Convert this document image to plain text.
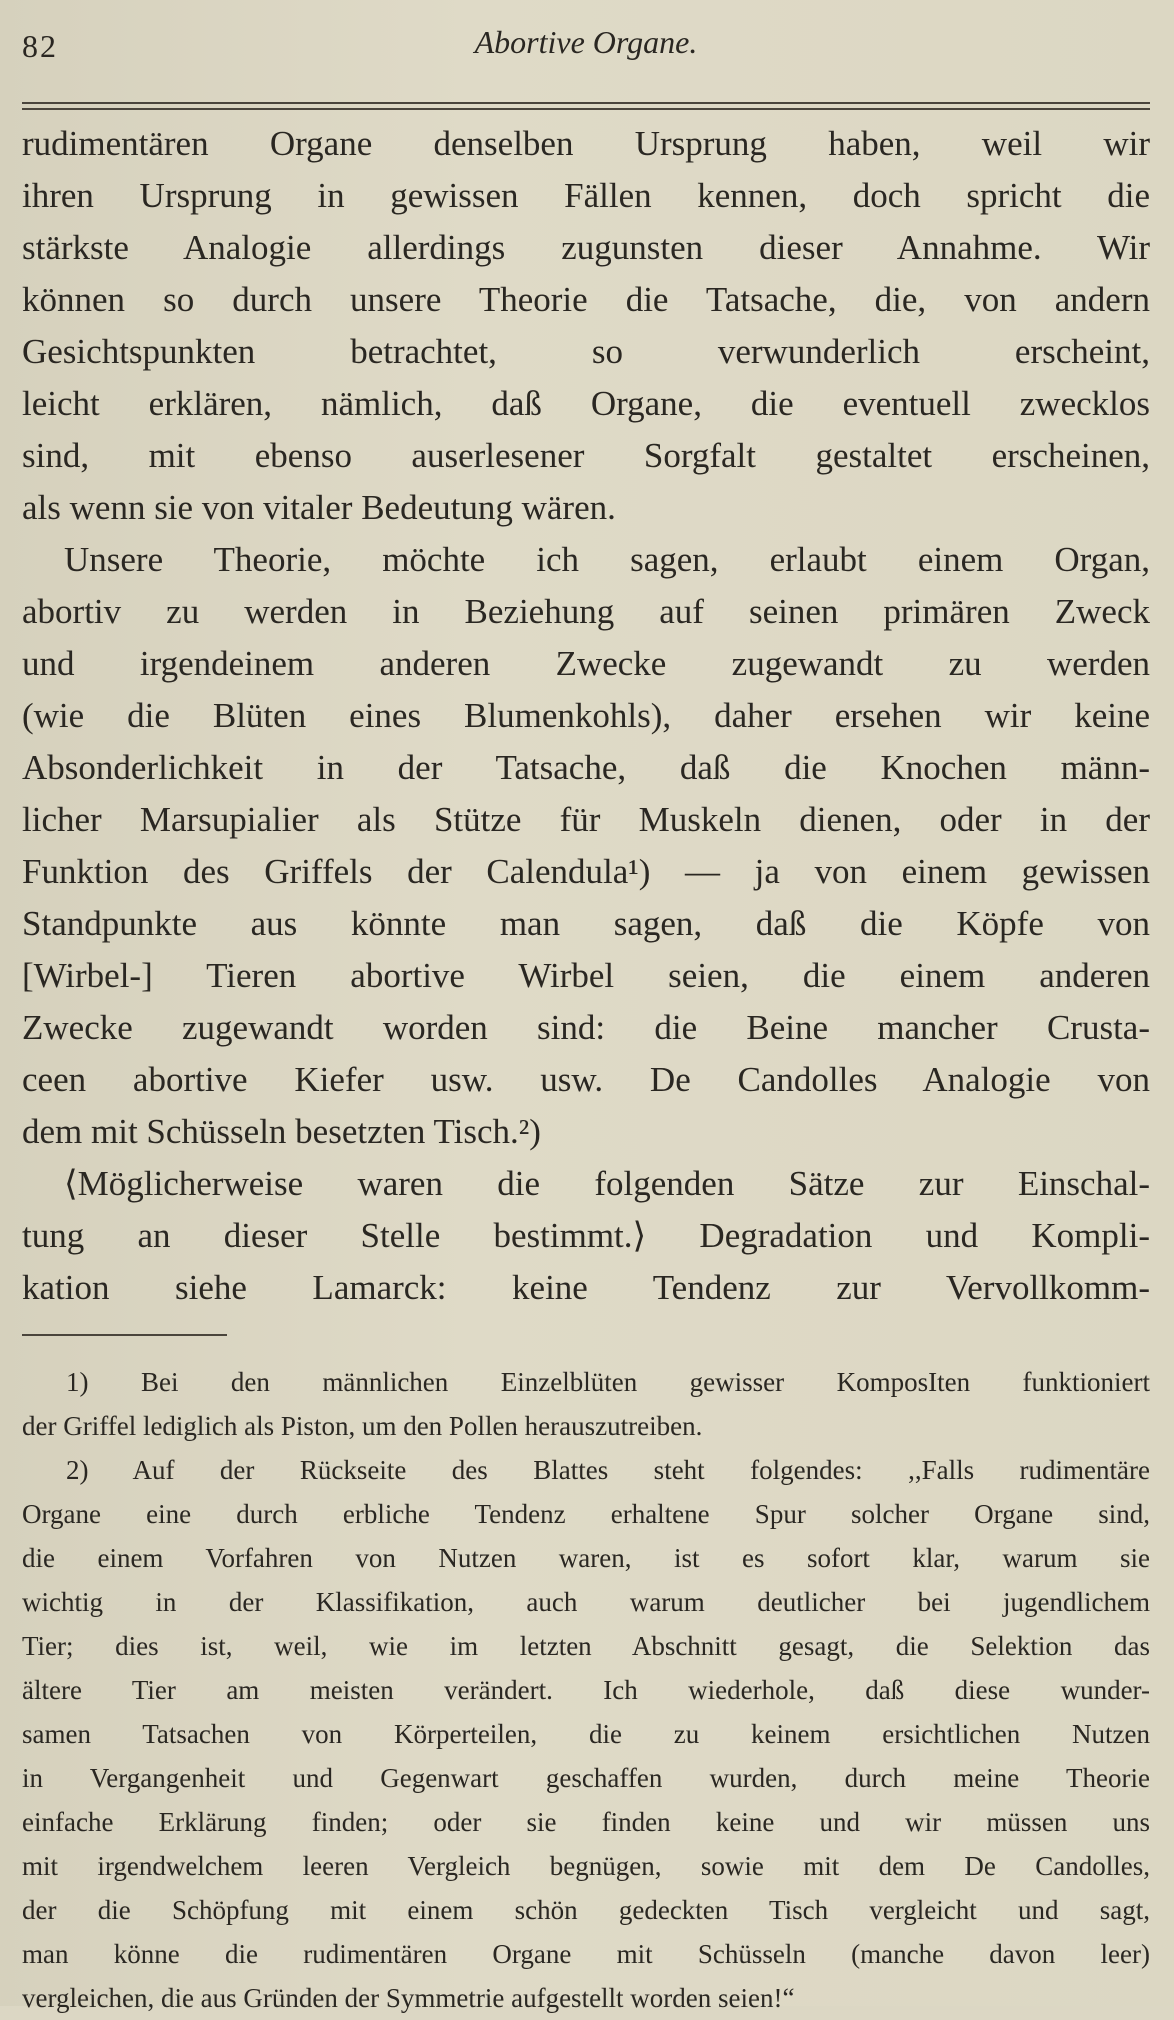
82	Abortive Organe.
rudimentären Organe denselben Ursprung haben, weil wir
ihren Ursprung in gewissen Fällen kennen, doch spricht die
stärkste Analogie allerdings zugunsten dieser Annahme. Wir
können so durch unsere Theorie die Tatsache, die, von andern
Gesichtspunkten betrachtet, so verwunderlich erscheint,
leicht erklären, nämlich, daß Organe, die eventuell zwecklos
sind, mit ebenso auserlesener Sorgfalt gestaltet erscheinen,
als wenn sie von vitaler Bedeutung wären.
Unsere Theorie, möchte ich sagen, erlaubt einem Organ,
abortiv zu werden in Beziehung auf seinen primären Zweck
und irgendeinem anderen Zwecke zugewandt zu werden
(wie die Blüten eines Blumenkohls), daher ersehen wir keine
Absonderlichkeit in der Tatsache, daß die Knochen männ-
licher Marsupialier als Stütze für Muskeln dienen, oder in der
Funktion des Griffels der Calendula¹) — ja von einem gewissen
Standpunkte aus könnte man sagen, daß die Köpfe von
[Wirbel-] Tieren abortive Wirbel seien, die einem anderen
Zwecke zugewandt worden sind: die Beine mancher Crusta-
ceen abortive Kiefer usw. usw. De Candolles Analogie von
dem mit Schüsseln besetzten Tisch.²)
⟨Möglicherweise waren die folgenden Sätze zur Einschal-
tung an dieser Stelle bestimmt.⟩ Degradation und Kompli-
kation siehe Lamarck: keine Tendenz zur Vervollkomm-
1) Bei den männlichen Einzelblüten gewisser KomposIten funktioniert
der Griffel lediglich als Piston, um den Pollen herauszutreiben.
2) Auf der Rückseite des Blattes steht folgendes: ,,Falls rudimentäre
Organe eine durch erbliche Tendenz erhaltene Spur solcher Organe sind,
die einem Vorfahren von Nutzen waren, ist es sofort klar, warum sie
wichtig in der Klassifikation, auch warum deutlicher bei jugendlichem
Tier; dies ist, weil, wie im letzten Abschnitt gesagt, die Selektion das
ältere Tier am meisten verändert. Ich wiederhole, daß diese wunder-
samen Tatsachen von Körperteilen, die zu keinem ersichtlichen Nutzen
in Vergangenheit und Gegenwart geschaffen wurden, durch meine Theorie
einfache Erklärung finden; oder sie finden keine und wir müssen uns
mit irgendwelchem leeren Vergleich begnügen, sowie mit dem De Candolles,
der die Schöpfung mit einem schön gedeckten Tisch vergleicht und sagt,
man könne die rudimentären Organe mit Schüsseln (manche davon leer)
vergleichen, die aus Gründen der Symmetrie aufgestellt worden seien!“
